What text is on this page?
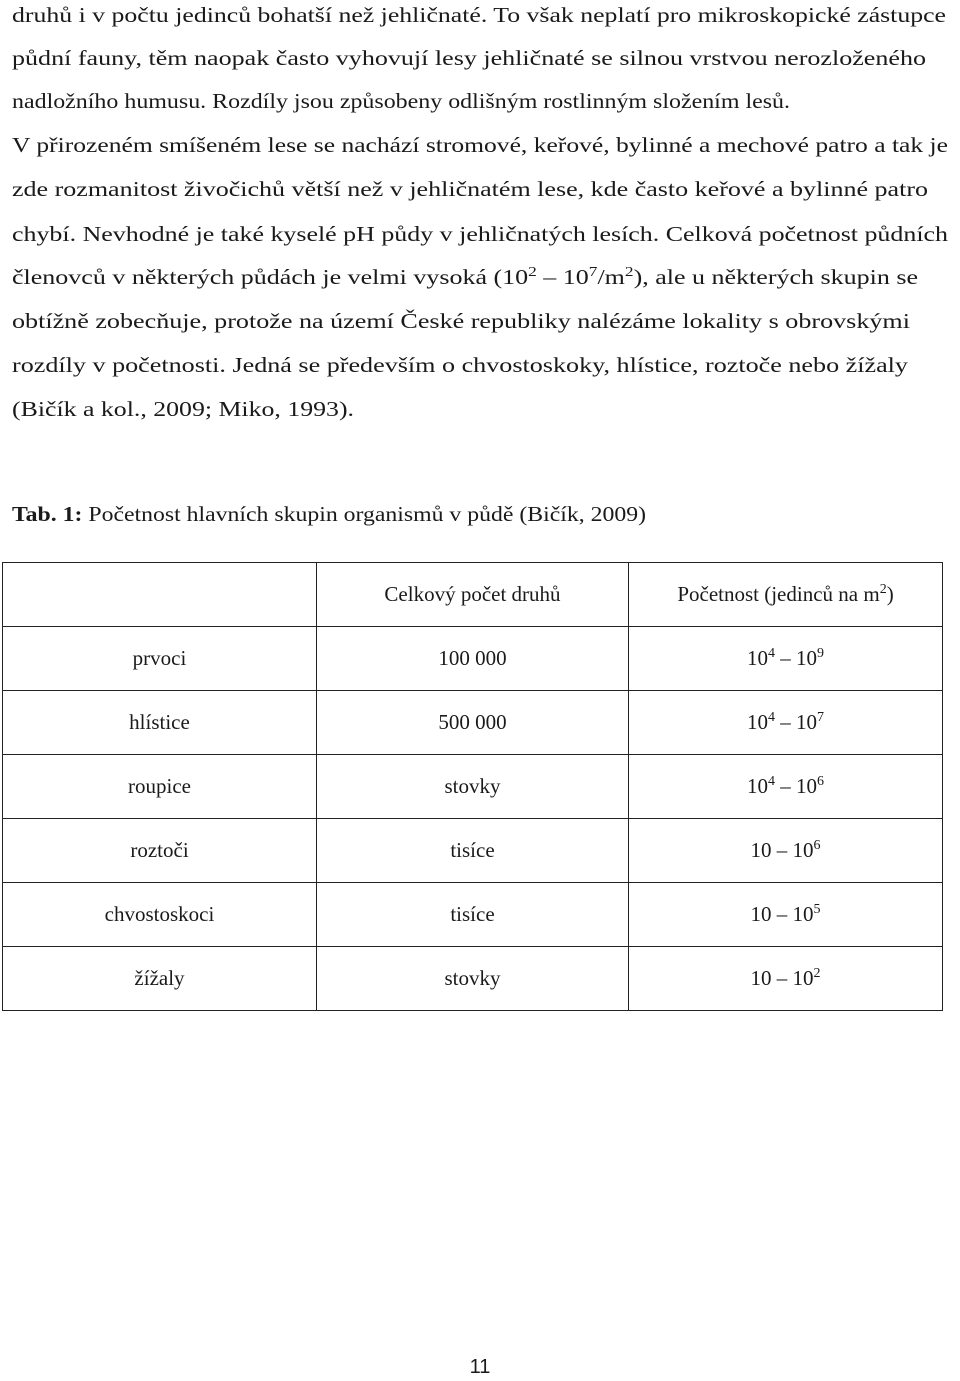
druhů i v počtu jedinců bohatší než jehličnaté. To však neplatí pro mikroskopické zástupce
půdní fauny, těm naopak často vyhovují lesy jehličnaté se silnou vrstvou nerozloženého
nadložního humusu. Rozdíly jsou způsobeny odlišným rostlinným složením lesů.
V přirozeném smíšeném lese se nachází stromové, keřové, bylinné a mechové patro a tak je
zde rozmanitost živočichů větší než v jehličnatém lese, kde často keřové a bylinné patro
chybí. Nevhodné je také kyselé pH půdy v jehličnatých lesích. Celková početnost půdních
členovců v některých půdách je velmi vysoká $(10^2 - 10^7/m^2)$, ale u některých skupin se
obtížně zobecňuje, protože na území České republiky nalézáme lokality s obrovskými
rozdíly v početnosti. Jedná se především o chvostoskoky, hlístice, roztoče nebo žížaly
(Bičík a kol., 2009; Miko, 1993).
Tab. 1: Početnost hlavních skupin organismů v půdě (Bičík, 2009)
	Celkový počet druhů	Početnost (jedinců na $m^2$)
prvoci	100 000	$10^4 - 10^9$
hlístice	500 000	$10^4 - 10^7$
roupice	stovky	$10^4 - 10^6$
roztoči	tisíce	$10 - 10^6$
chvostoskoci	tisíce	$10 - 10^5$
žížaly	stovky	$10 - 10^2$
11
